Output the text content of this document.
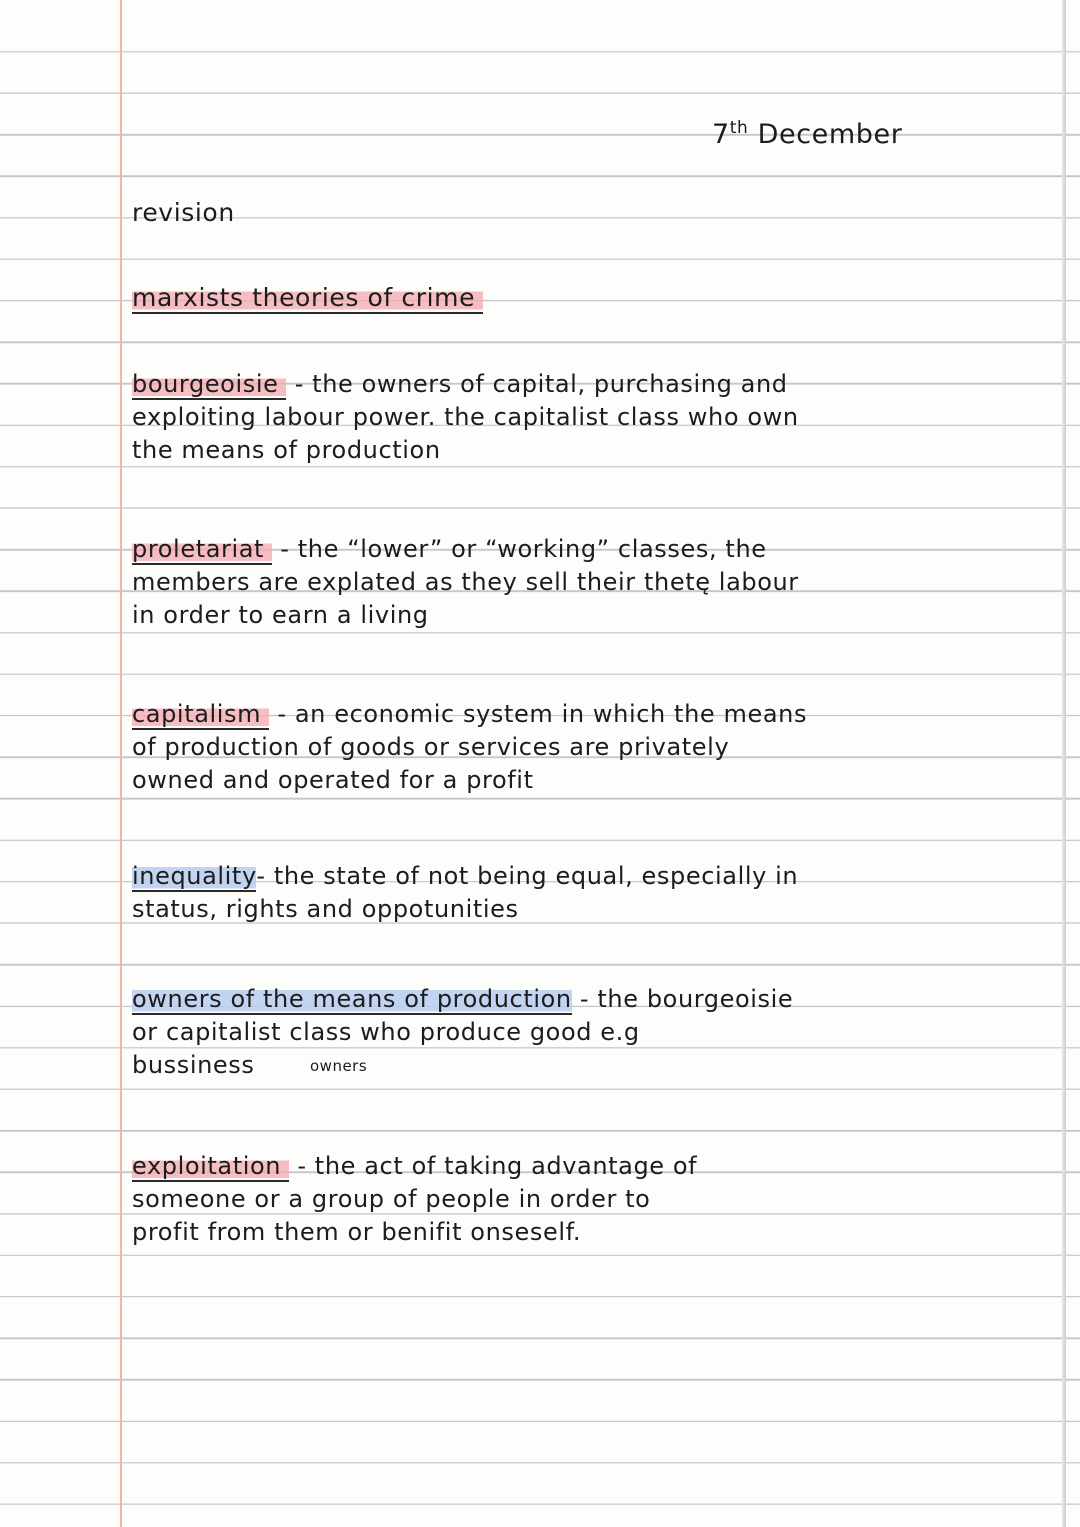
7th December
revision
marxists theories of crime
bourgeoisie - the owners of capital, purchasing and
exploiting labour power. the capitalist class who own
the means of production
proletariat - the “lower” or “working” classes, the
members are explated as they sell their thetę labour
in order to earn a living
capitalism - an economic system in which the means
of production of goods or services are privately
owned and operated for a profit
inequality- the state of not being equal, especially in
status, rights and oppotunities
owners of the means of production - the bourgeoisie
or capitalist class who produce good e.g
bussiness	owners
exploitation - the act of taking advantage of
someone or a group of people in order to
profit from them or benifit onseself.
